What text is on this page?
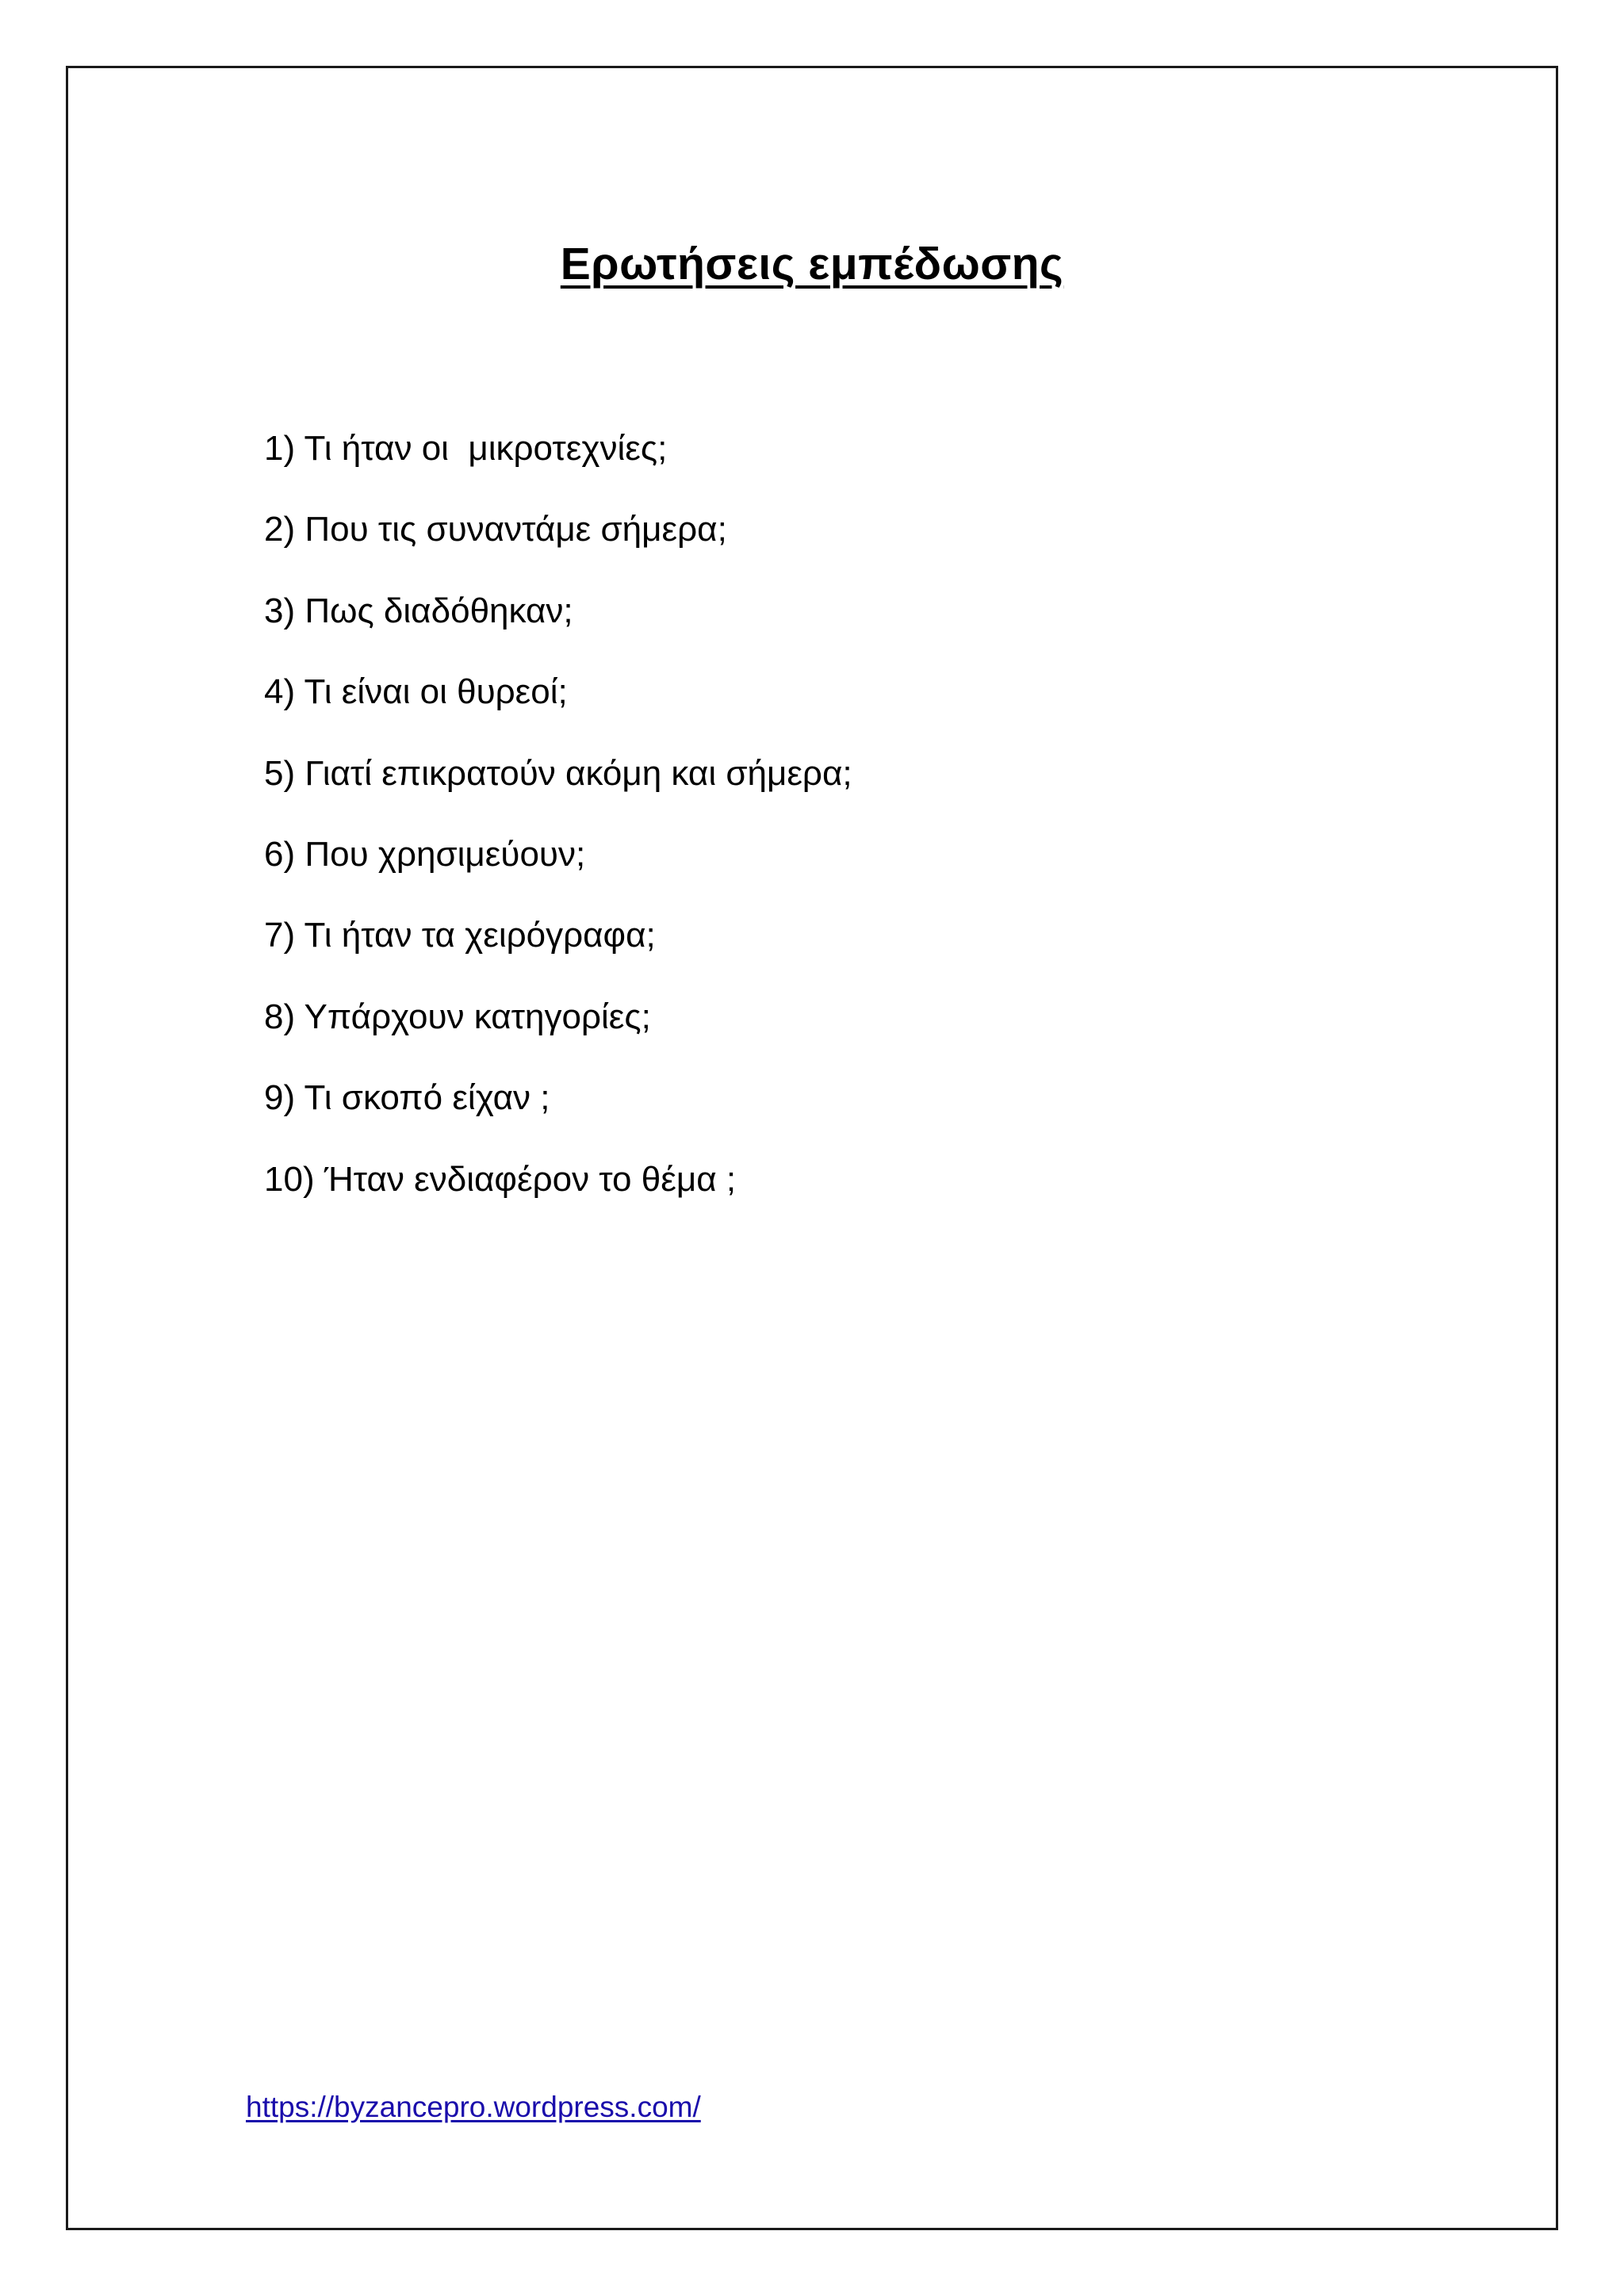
Ερωτήσεις εμπέδωσης
1) Τι ήταν οι  μικροτεχνίες;
2) Που τις συναντάμε σήμερα;
3) Πως διαδόθηκαν;
4) Τι είναι οι θυρεοί;
5) Γιατί επικρατούν ακόμη και σήμερα;
6) Που χρησιμεύουν;
7) Τι ήταν τα χειρόγραφα;
8) Υπάρχουν κατηγορίες;
9) Τι σκοπό είχαν ;
10) Ήταν ενδιαφέρον το θέμα ;
https://byzancepro.wordpress.com/
